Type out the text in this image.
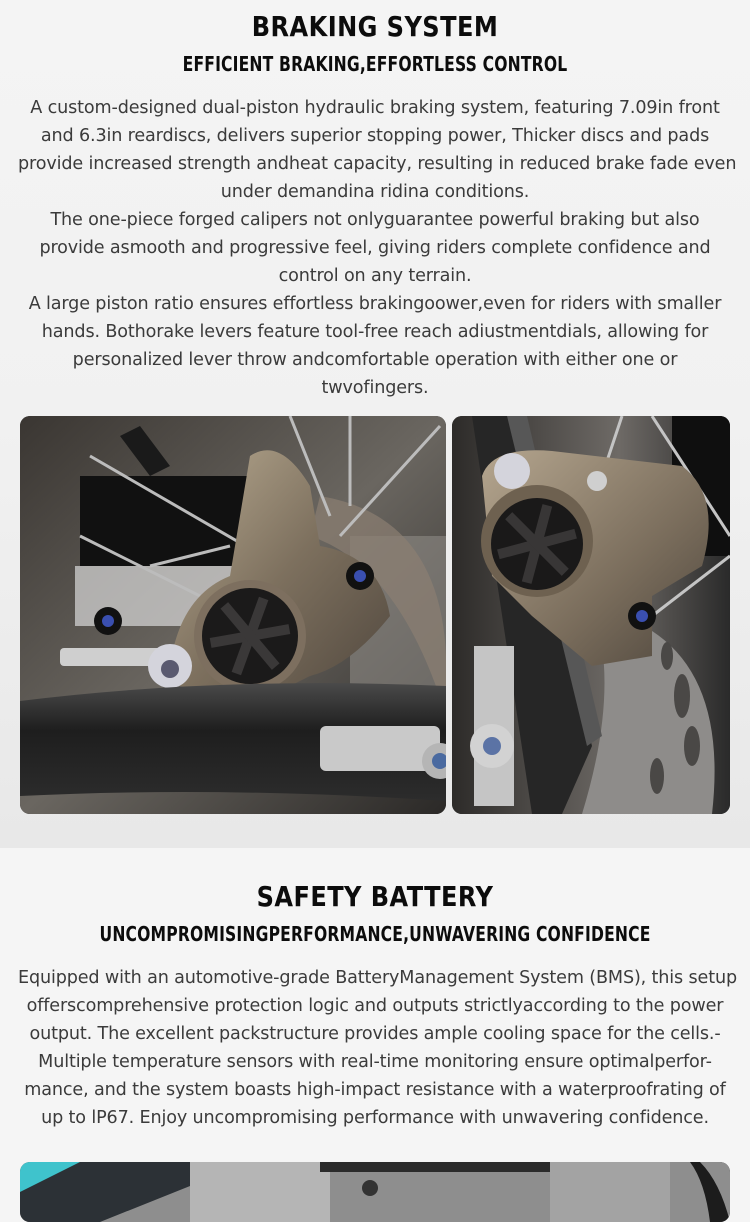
BRAKING SYSTEM
EFFICIENT BRAKING,EFFORTLESS CONTROL

A custom-designed dual-piston hydraulic braking system, featuring 7.09in front
and 6.3in reardiscs, delivers superior stopping power, Thicker discs and pads
provide increased strength andheat capacity, resulting in reduced brake fade even
under demandina ridina conditions.
The one-piece forged calipers not onlyguarantee powerful braking but also
provide asmooth and progressive feel, giving riders complete confidence and
control on any terrain.
A large piston ratio ensures effortless brakingoower,even for riders with smaller
hands. Bothorake levers feature tool-free reach adiustmentdials, allowing for
personalized lever throw andcomfortable operation with either one or
twvofingers.

SAFETY BATTERY
UNCOMPROMISINGPERFORMANCE,UNWAVERING CONFIDENCE

Equipped with an automotive-grade BatteryManagement System (BMS), this setup
offerscomprehensive protection logic and outputs strictlyaccording to the power
output. The excellent packstructure provides ample cooling space for the cells.-
Multiple temperature sensors with real-time monitoring ensure optimalperfor-
mance, and the system boasts high-impact resistance with a waterproofrating of
up to lP67. Enjoy uncompromising performance with unwavering confidence.
